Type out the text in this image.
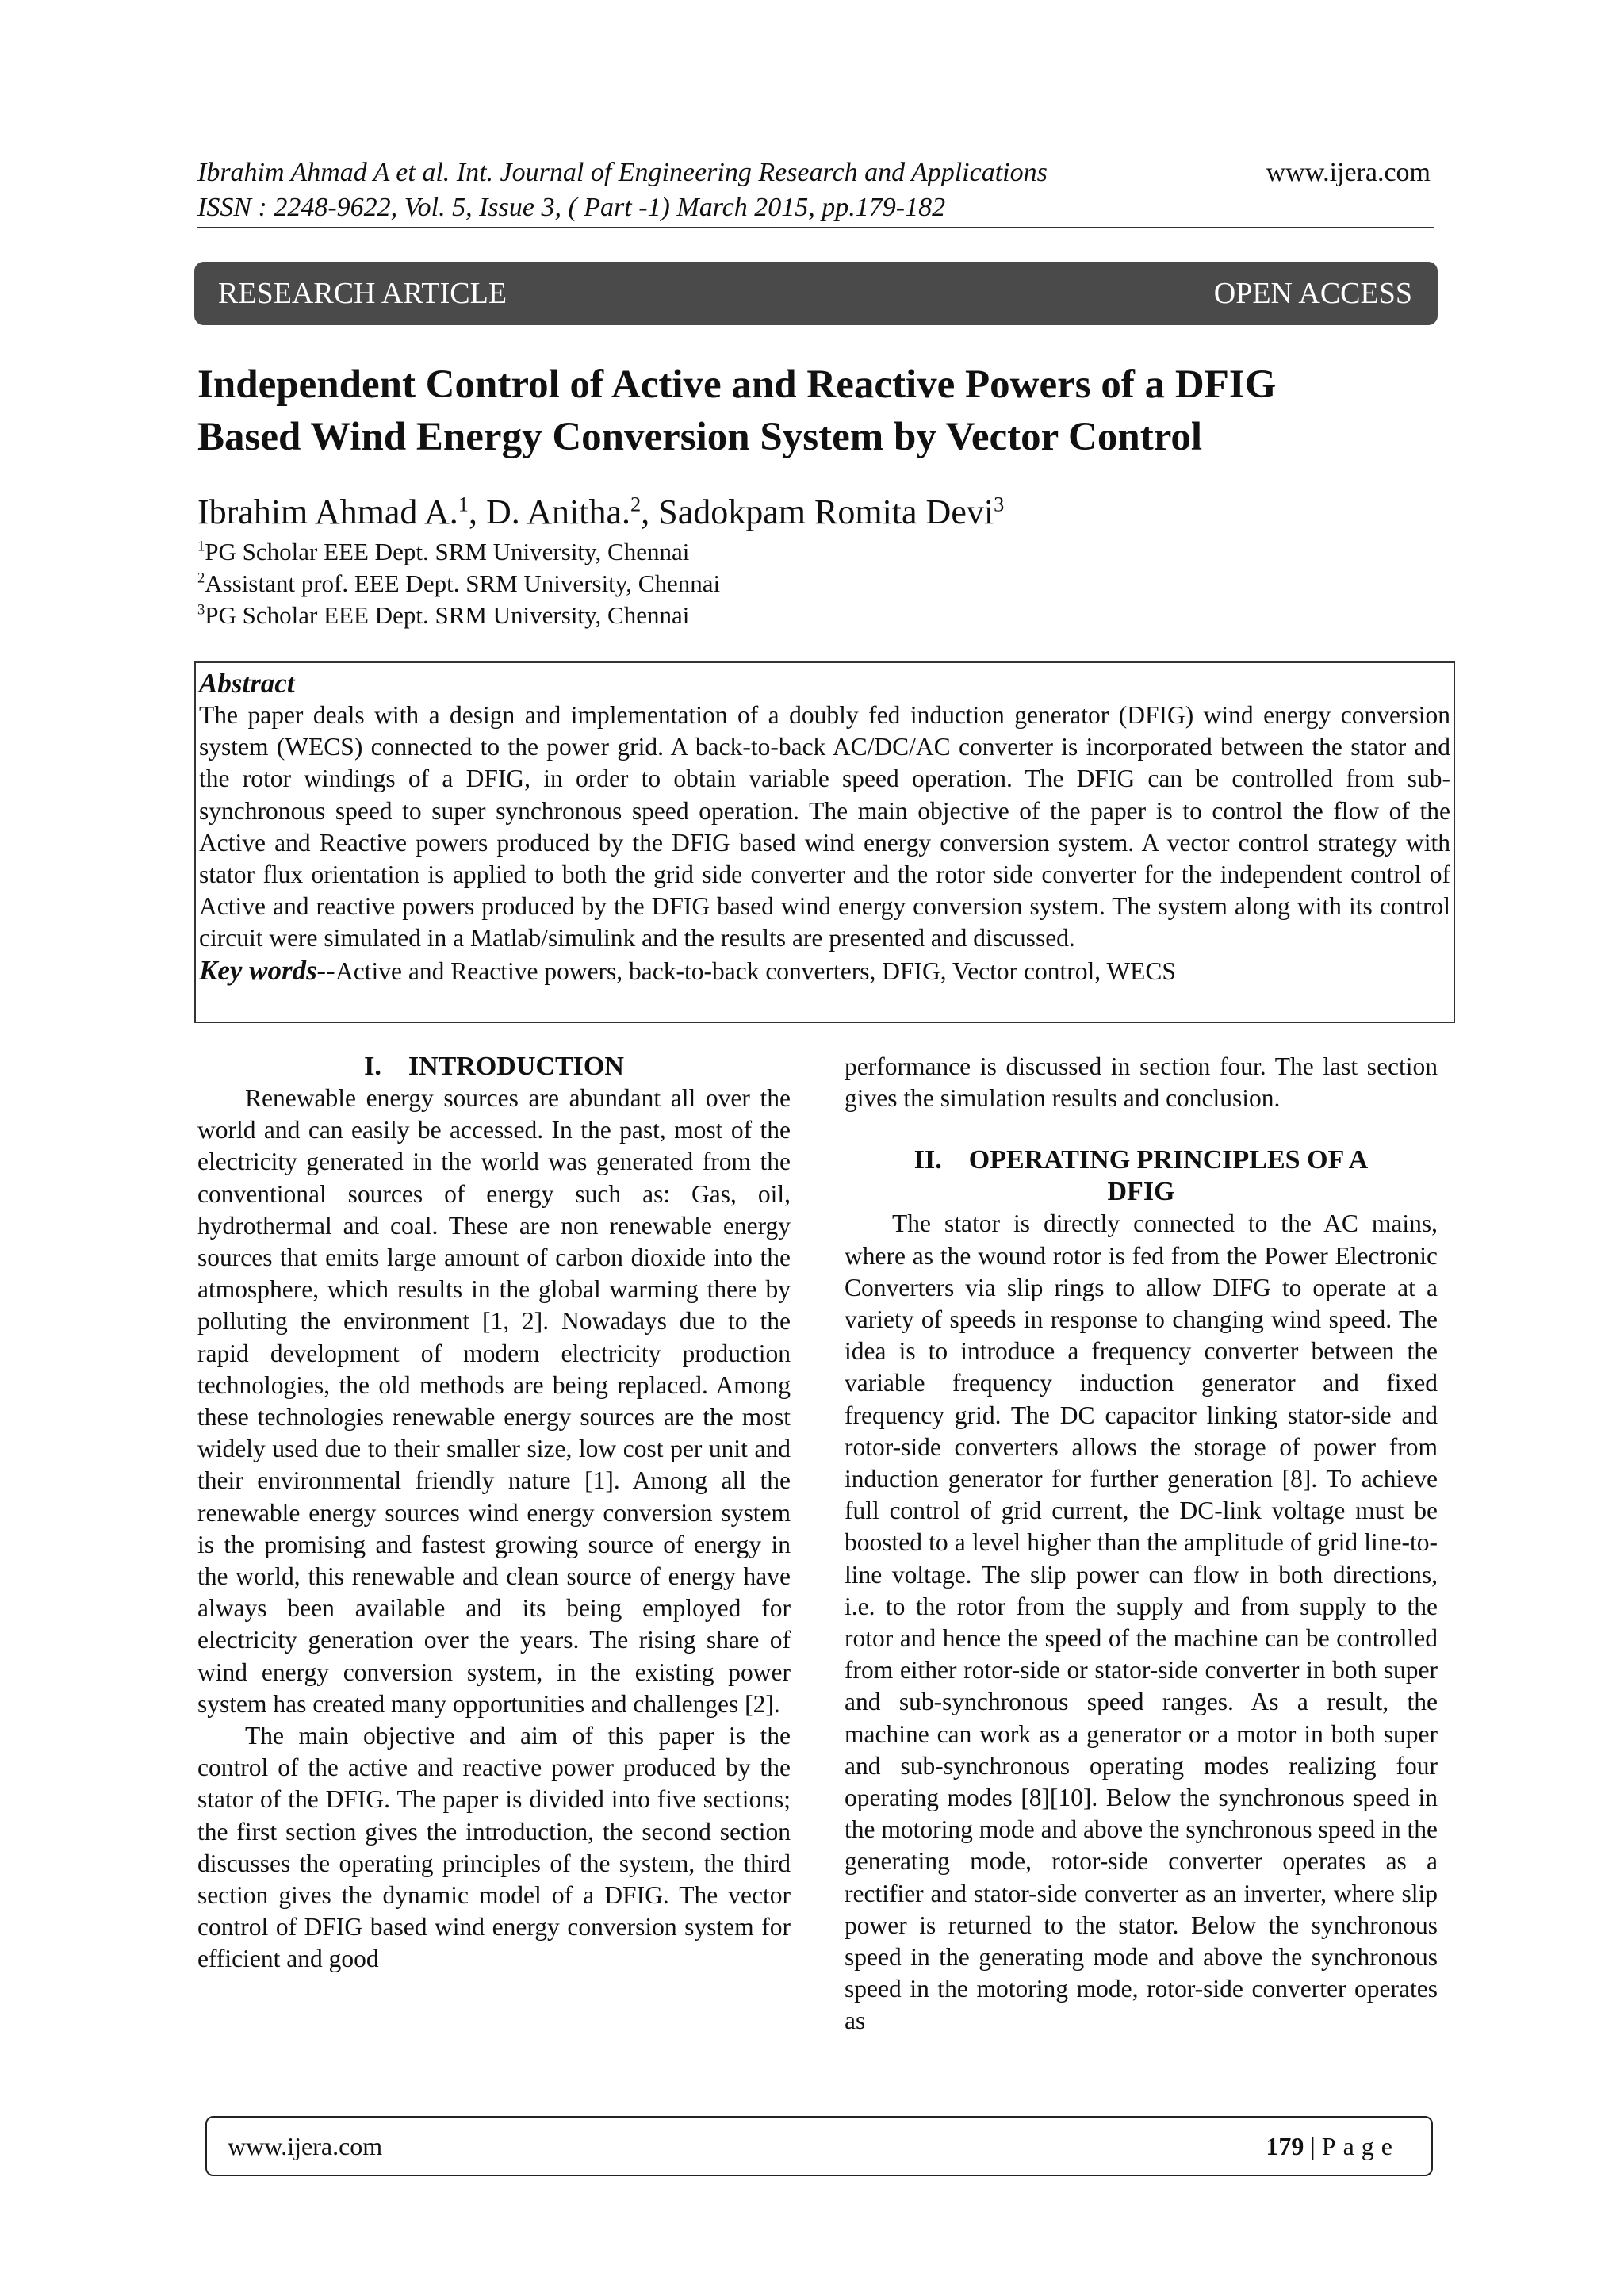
Ibrahim Ahmad A et al. Int. Journal of Engineering Research and Applications
ISSN : 2248-9622, Vol. 5, Issue 3, ( Part -1) March 2015, pp.179-182
www.ijera.com
RESEARCH ARTICLE	OPEN ACCESS
Independent Control of Active and Reactive Powers of a DFIG
Based Wind Energy Conversion System by Vector Control
Ibrahim Ahmad A.$^1$, D. Anitha.$^2$, Sadokpam Romita Devi$^3$
$^1$PG Scholar EEE Dept. SRM University, Chennai
$^2$Assistant prof. EEE Dept. SRM University, Chennai
$^3$PG Scholar EEE Dept. SRM University, Chennai
Abstract
The paper deals with a design and implementation of a doubly fed induction generator (DFIG) wind energy conversion system (WECS) connected to the power grid. A back-to-back AC/DC/AC converter is incorporated between the stator and the rotor windings of a DFIG, in order to obtain variable speed operation. The DFIG can be controlled from sub-synchronous speed to super synchronous speed operation. The main objective of the paper is to control the flow of the Active and Reactive powers produced by the DFIG based wind energy conversion system. A vector control strategy with stator flux orientation is applied to both the grid side converter and the rotor side converter for the independent control of Active and reactive powers produced by the DFIG based wind energy conversion system. The system along with its control circuit were simulated in a Matlab/simulink and the results are presented and discussed.
Key words--Active and Reactive powers, back-to-back converters, DFIG, Vector control, WECS
I. INTRODUCTION
Renewable energy sources are abundant all over the world and can easily be accessed. In the past, most of the electricity generated in the world was generated from the conventional sources of energy such as: Gas, oil, hydrothermal and coal. These are non renewable energy sources that emits large amount of carbon dioxide into the atmosphere, which results in the global warming there by polluting the environment [1, 2]. Nowadays due to the rapid development of modern electricity production technologies, the old methods are being replaced. Among these technologies renewable energy sources are the most widely used due to their smaller size, low cost per unit and their environmental friendly nature [1]. Among all the renewable energy sources wind energy conversion system is the promising and fastest growing source of energy in the world, this renewable and clean source of energy have always been available and its being employed for electricity generation over the years. The rising share of wind energy conversion system, in the existing power system has created many opportunities and challenges [2].
The main objective and aim of this paper is the control of the active and reactive power produced by the stator of the DFIG. The paper is divided into five sections; the first section gives the introduction, the second section discusses the operating principles of the system, the third section gives the dynamic model of a DFIG. The vector control of DFIG based wind energy conversion system for efficient and good
performance is discussed in section four. The last section gives the simulation results and conclusion.
II. OPERATING PRINCIPLES OF A
DFIG
The stator is directly connected to the AC mains, where as the wound rotor is fed from the Power Electronic Converters via slip rings to allow DIFG to operate at a variety of speeds in response to changing wind speed. The idea is to introduce a frequency converter between the variable frequency induction generator and fixed frequency grid. The DC capacitor linking stator-side and rotor-side converters allows the storage of power from induction generator for further generation [8]. To achieve full control of grid current, the DC-link voltage must be boosted to a level higher than the amplitude of grid line-to-line voltage. The slip power can flow in both directions, i.e. to the rotor from the supply and from supply to the rotor and hence the speed of the machine can be controlled from either rotor-side or stator-side converter in both super and sub-synchronous speed ranges. As a result, the machine can work as a generator or a motor in both super and sub-synchronous operating modes realizing four operating modes [8][10]. Below the synchronous speed in the motoring mode and above the synchronous speed in the generating mode, rotor-side converter operates as a rectifier and stator-side converter as an inverter, where slip power is returned to the stator. Below the synchronous speed in the generating mode and above the synchronous speed in the motoring mode, rotor-side converter operates as
www.ijera.com	179 | Page
